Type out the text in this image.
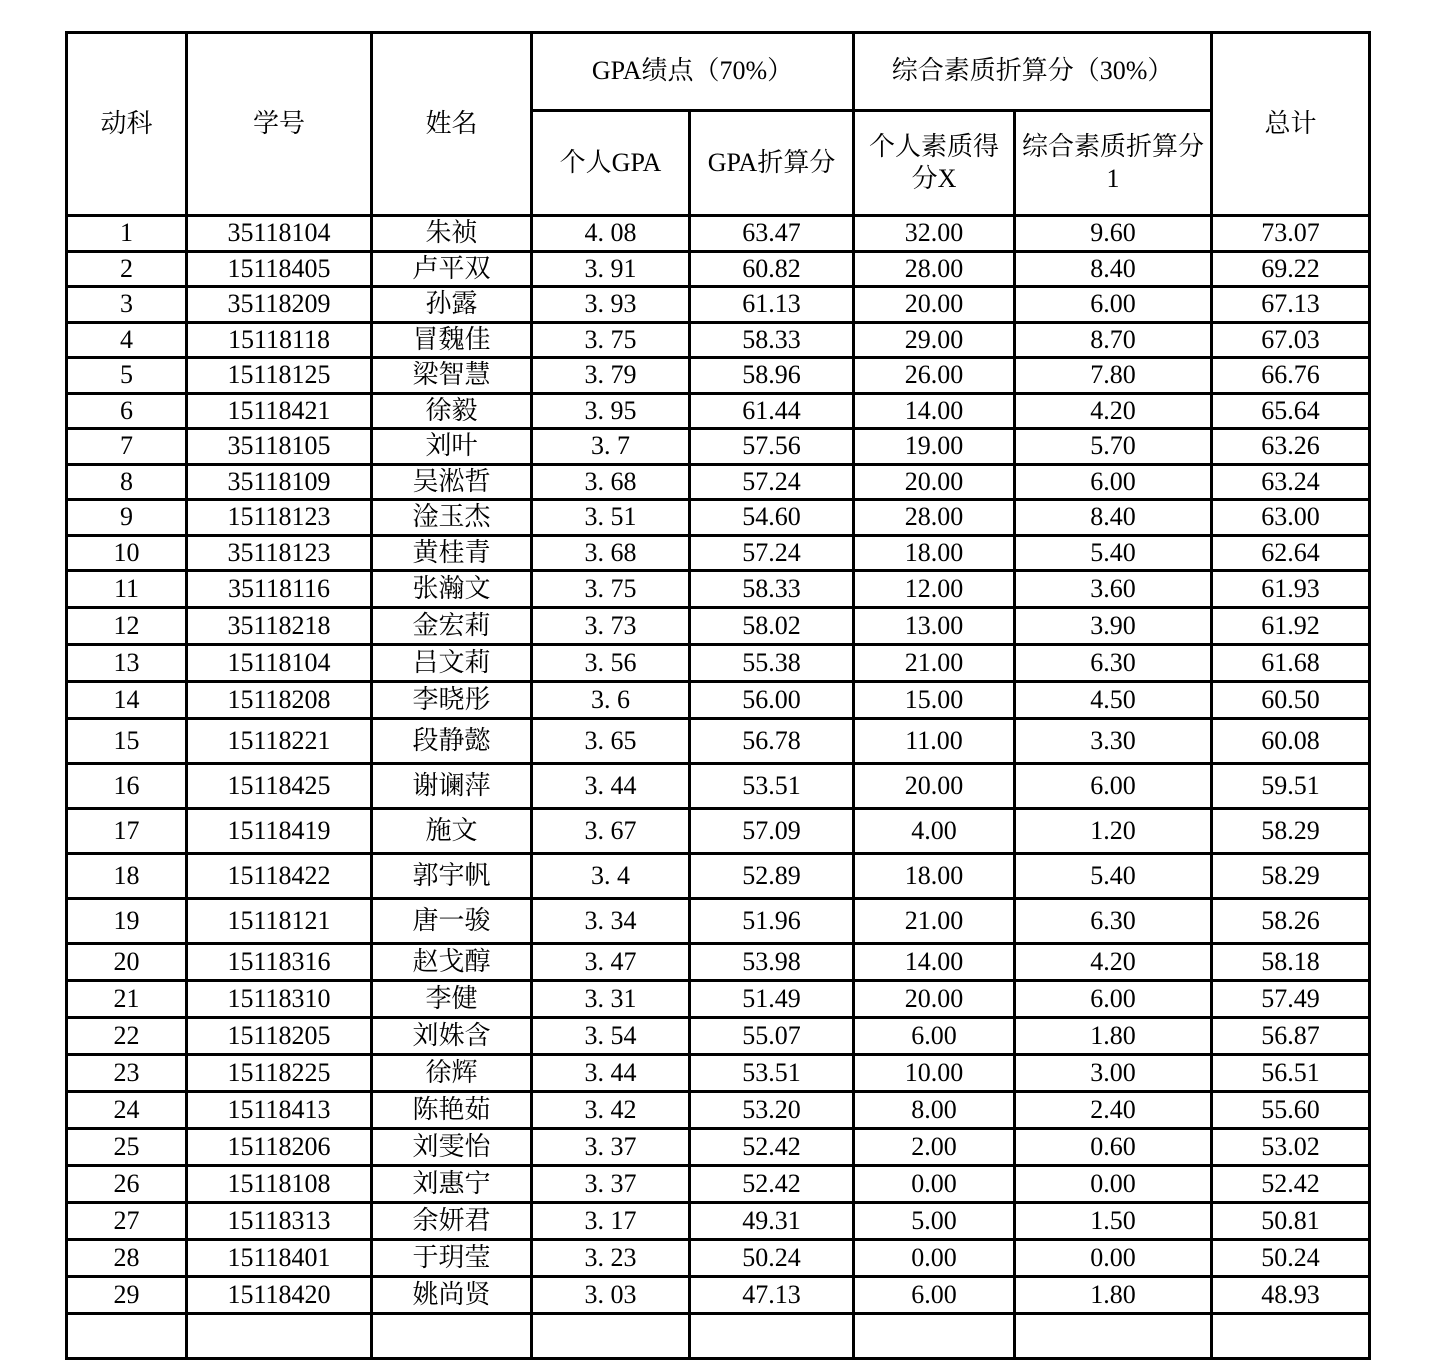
动科	学号	姓名	GPA绩点（70%）		综合素质折算分（30%）		总计
			个人GPA	GPA折算分	个人素质得分X	综合素质折算分1	
1	35118104	朱祯	4. 08	63.47	32.00	9.60	73.07
2	15118405	卢平双	3. 91	60.82	28.00	8.40	69.22
3	35118209	孙露	3. 93	61.13	20.00	6.00	67.13
4	15118118	冒魏佳	3. 75	58.33	29.00	8.70	67.03
5	15118125	梁智慧	3. 79	58.96	26.00	7.80	66.76
6	15118421	徐毅	3. 95	61.44	14.00	4.20	65.64
7	35118105	刘叶	3. 7	57.56	19.00	5.70	63.26
8	35118109	吴淞哲	3. 68	57.24	20.00	6.00	63.24
9	15118123	淦玉杰	3. 51	54.60	28.00	8.40	63.00
10	35118123	黄桂青	3. 68	57.24	18.00	5.40	62.64
11	35118116	张瀚文	3. 75	58.33	12.00	3.60	61.93
12	35118218	金宏莉	3. 73	58.02	13.00	3.90	61.92
13	15118104	吕文莉	3. 56	55.38	21.00	6.30	61.68
14	15118208	李晓彤	3. 6	56.00	15.00	4.50	60.50
15	15118221	段静懿	3. 65	56.78	11.00	3.30	60.08
16	15118425	谢谰萍	3. 44	53.51	20.00	6.00	59.51
17	15118419	施文	3. 67	57.09	4.00	1.20	58.29
18	15118422	郭宇帆	3. 4	52.89	18.00	5.40	58.29
19	15118121	唐一骏	3. 34	51.96	21.00	6.30	58.26
20	15118316	赵戈醇	3. 47	53.98	14.00	4.20	58.18
21	15118310	李健	3. 31	51.49	20.00	6.00	57.49
22	15118205	刘姝含	3. 54	55.07	6.00	1.80	56.87
23	15118225	徐辉	3. 44	53.51	10.00	3.00	56.51
24	15118413	陈艳茹	3. 42	53.20	8.00	2.40	55.60
25	15118206	刘雯怡	3. 37	52.42	2.00	0.60	53.02
26	15118108	刘惠宁	3. 37	52.42	0.00	0.00	52.42
27	15118313	余妍君	3. 17	49.31	5.00	1.50	50.81
28	15118401	于玥莹	3. 23	50.24	0.00	0.00	50.24
29	15118420	姚尚贤	3. 03	47.13	6.00	1.80	48.93
